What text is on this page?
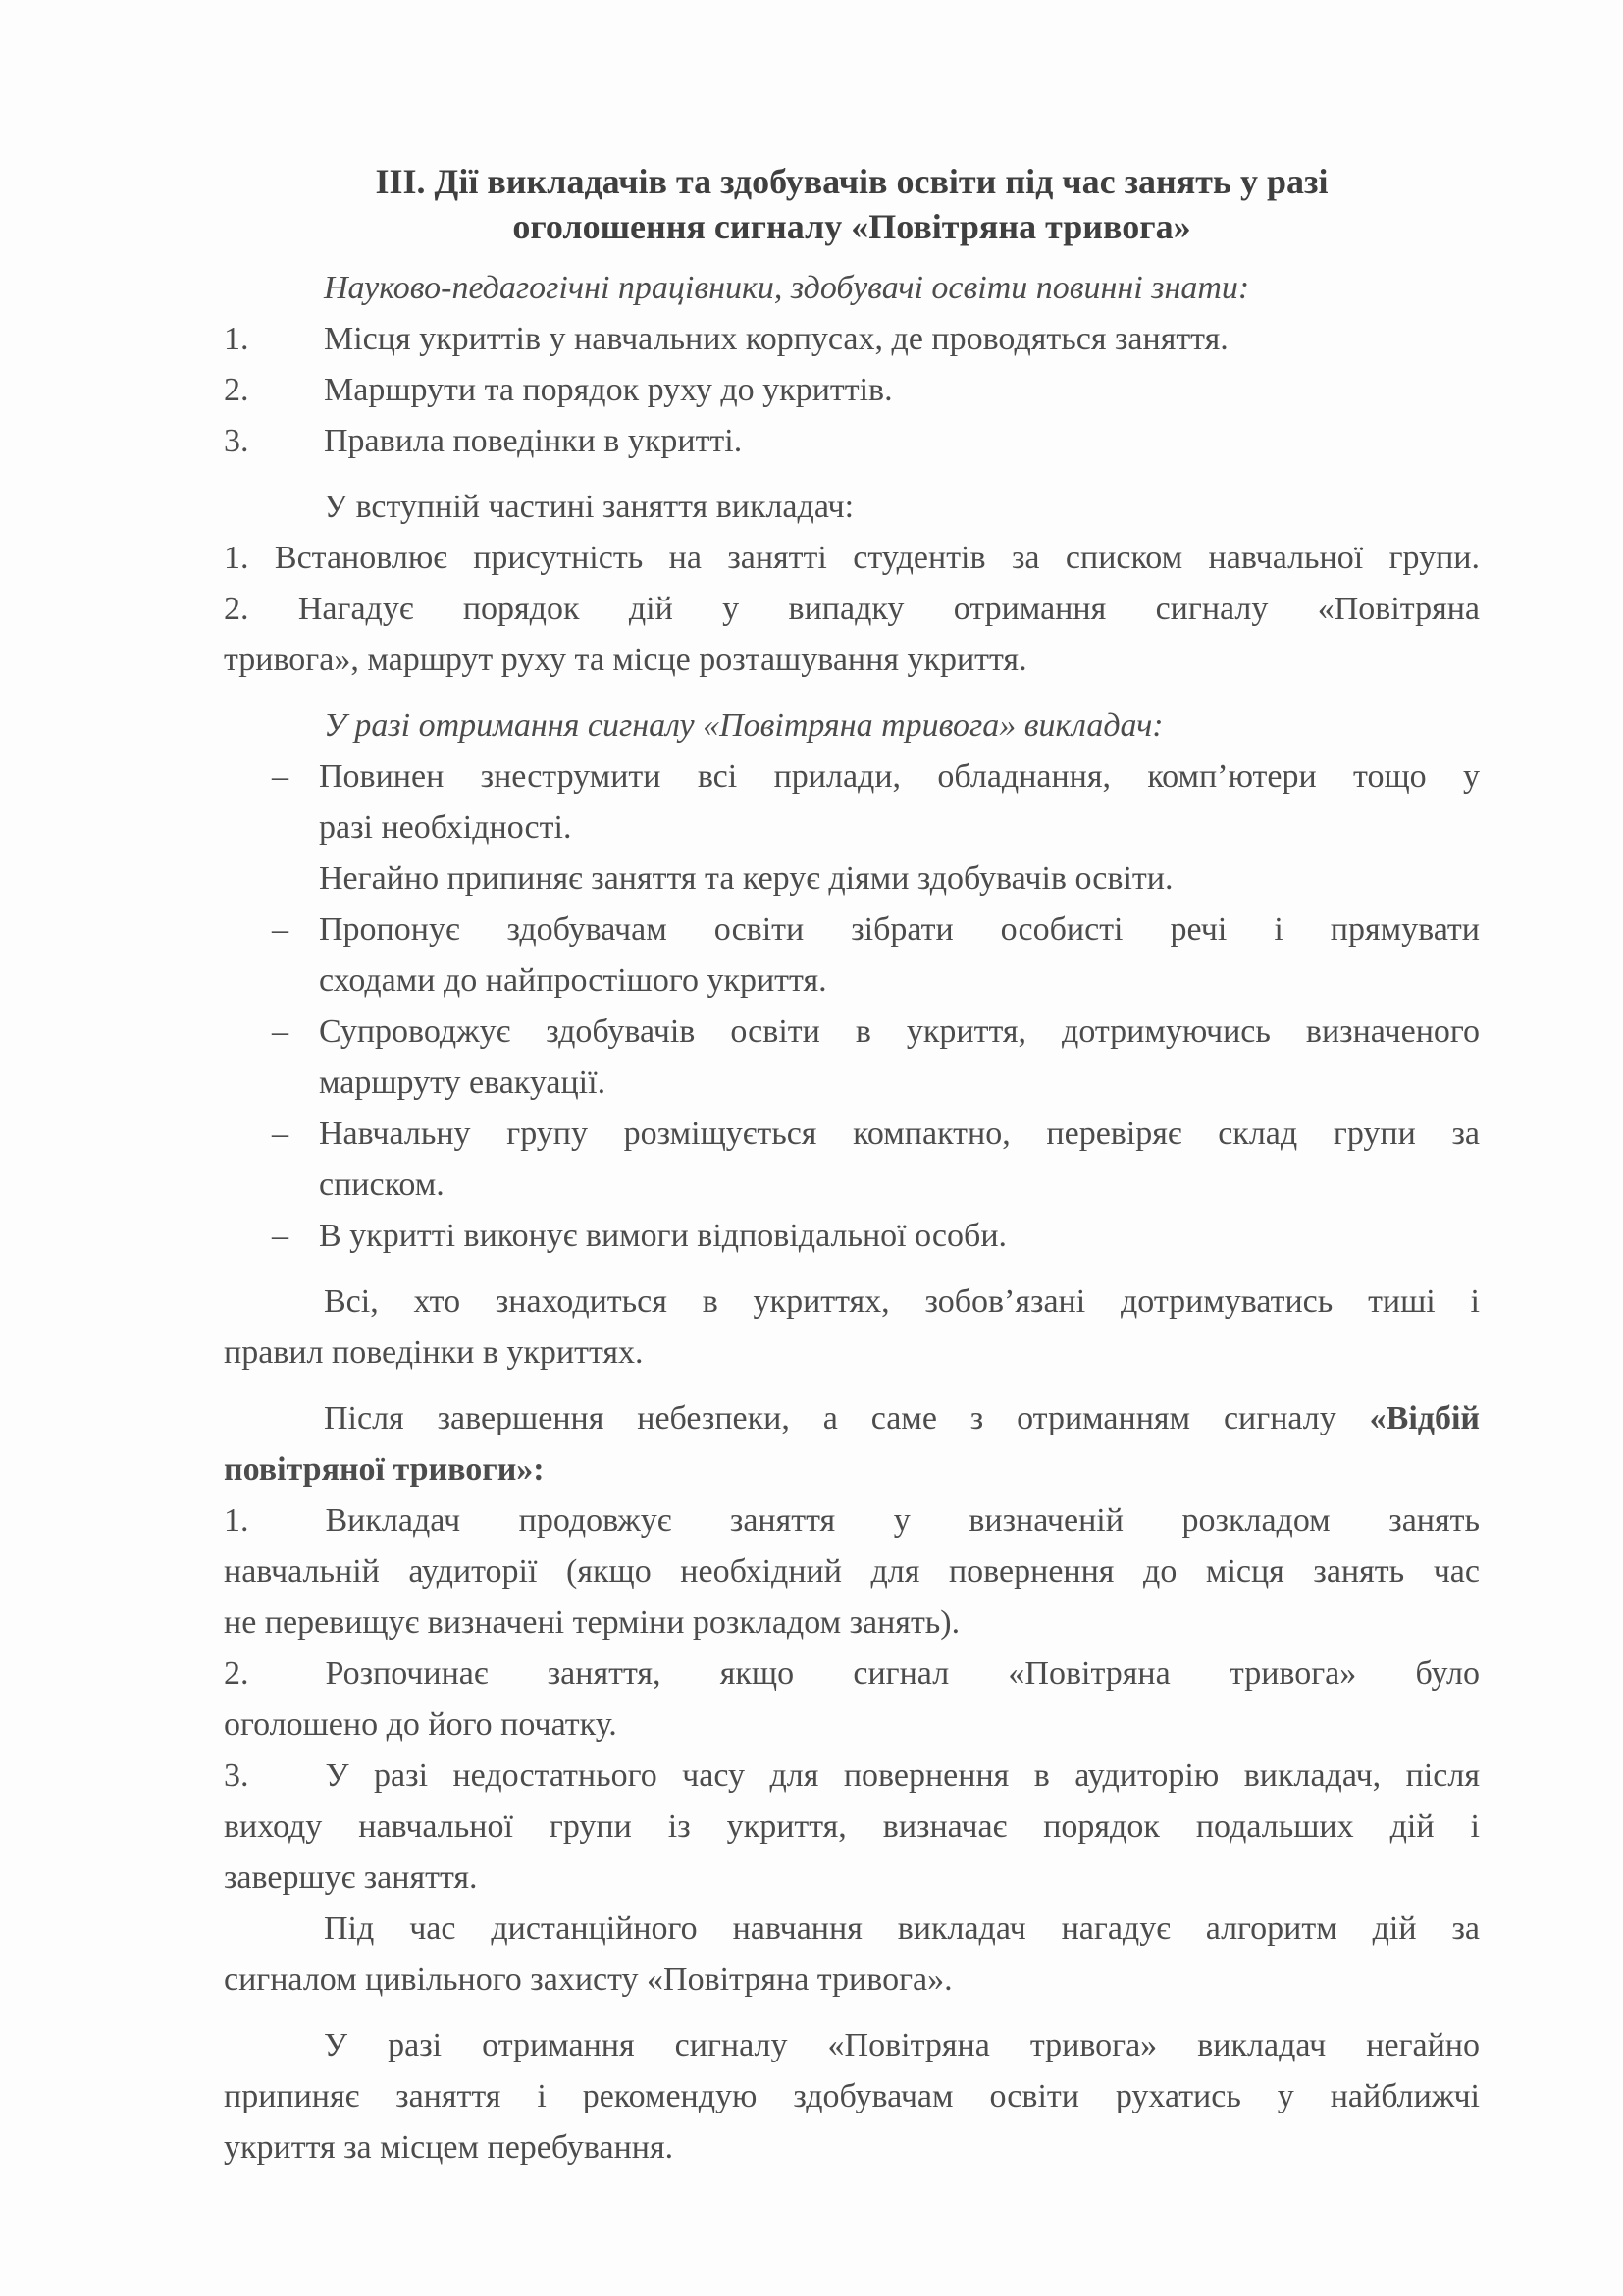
ІІІ. Дії викладачів та здобувачів освіти під час занять у разі
оголошення сигналу «Повітряна тривога»
Науково-педагогічні працівники, здобувачі освіти повинні знати:
1. Місця укриттів у навчальних корпусах, де проводяться заняття.
2. Маршрути та порядок руху до укриттів.
3. Правила поведінки в укритті.
У вступній частині заняття викладач:
1. Встановлює присутність на занятті студентів за списком навчальної групи.
2. Нагадує порядок дій у випадку отримання сигналу «Повітряна
тривога», маршрут руху та місце розташування укриття.
У разі отримання сигналу «Повітряна тривога» викладач:
– Повинен знеструмити всі прилади, обладнання, комп’ютери тощо у
разі необхідності.
Негайно припиняє заняття та керує діями здобувачів освіти.
– Пропонує здобувачам освіти зібрати особисті речі і прямувати
сходами до найпростішого укриття.
– Супроводжує здобувачів освіти в укриття, дотримуючись визначеного
маршруту евакуації.
– Навчальну групу розміщується компактно, перевіряє склад групи за
списком.
– В укритті виконує вимоги відповідальної особи.
Всі, хто знаходиться в укриттях, зобов’язані дотримуватись тиші і
правил поведінки в укриттях.
Після завершення небезпеки, а саме з отриманням сигналу «Відбій
повітряної тривоги»:
1. Викладач продовжує заняття у визначеній розкладом занять
навчальній аудиторії (якщо необхідний для повернення до місця занять час
не перевищує визначені терміни розкладом занять).
2. Розпочинає заняття, якщо сигнал «Повітряна тривога» було
оголошено до його початку.
3. У разі недостатнього часу для повернення в аудиторію викладач, після
виходу навчальної групи із укриття, визначає порядок подальших дій і
завершує заняття.
Під час дистанційного навчання викладач нагадує алгоритм дій за
сигналом цивільного захисту «Повітряна тривога».
У разі отримання сигналу «Повітряна тривога» викладач негайно
припиняє заняття і рекомендую здобувачам освіти рухатись у найближчі
укриття за місцем перебування.
